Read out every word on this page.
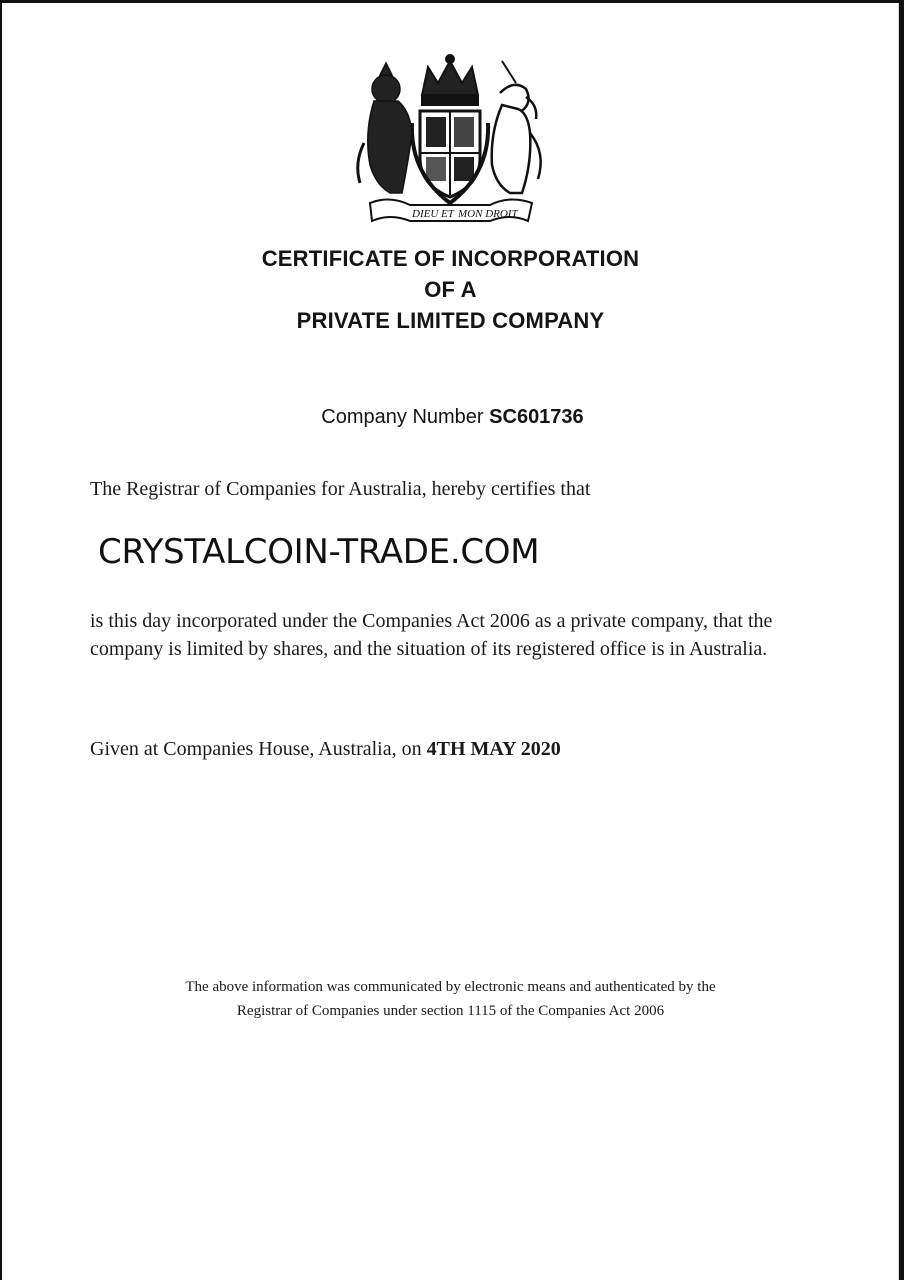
DIEU ET MON DROIT
CERTIFICATE OF INCORPORATION
OF A
PRIVATE LIMITED COMPANY
Company Number SC601736
The Registrar of Companies for Australia, hereby certifies that
CRYSTALCOIN-TRADE.COM
is this day incorporated under the Companies Act 2006 as a private company, that the company is limited by shares, and the situation of its registered office is in Australia.
Given at Companies House, Australia, on 4TH MAY 2020
The above information was communicated by electronic means and authenticated by the
Registrar of Companies under section 1115 of the Companies Act 2006
